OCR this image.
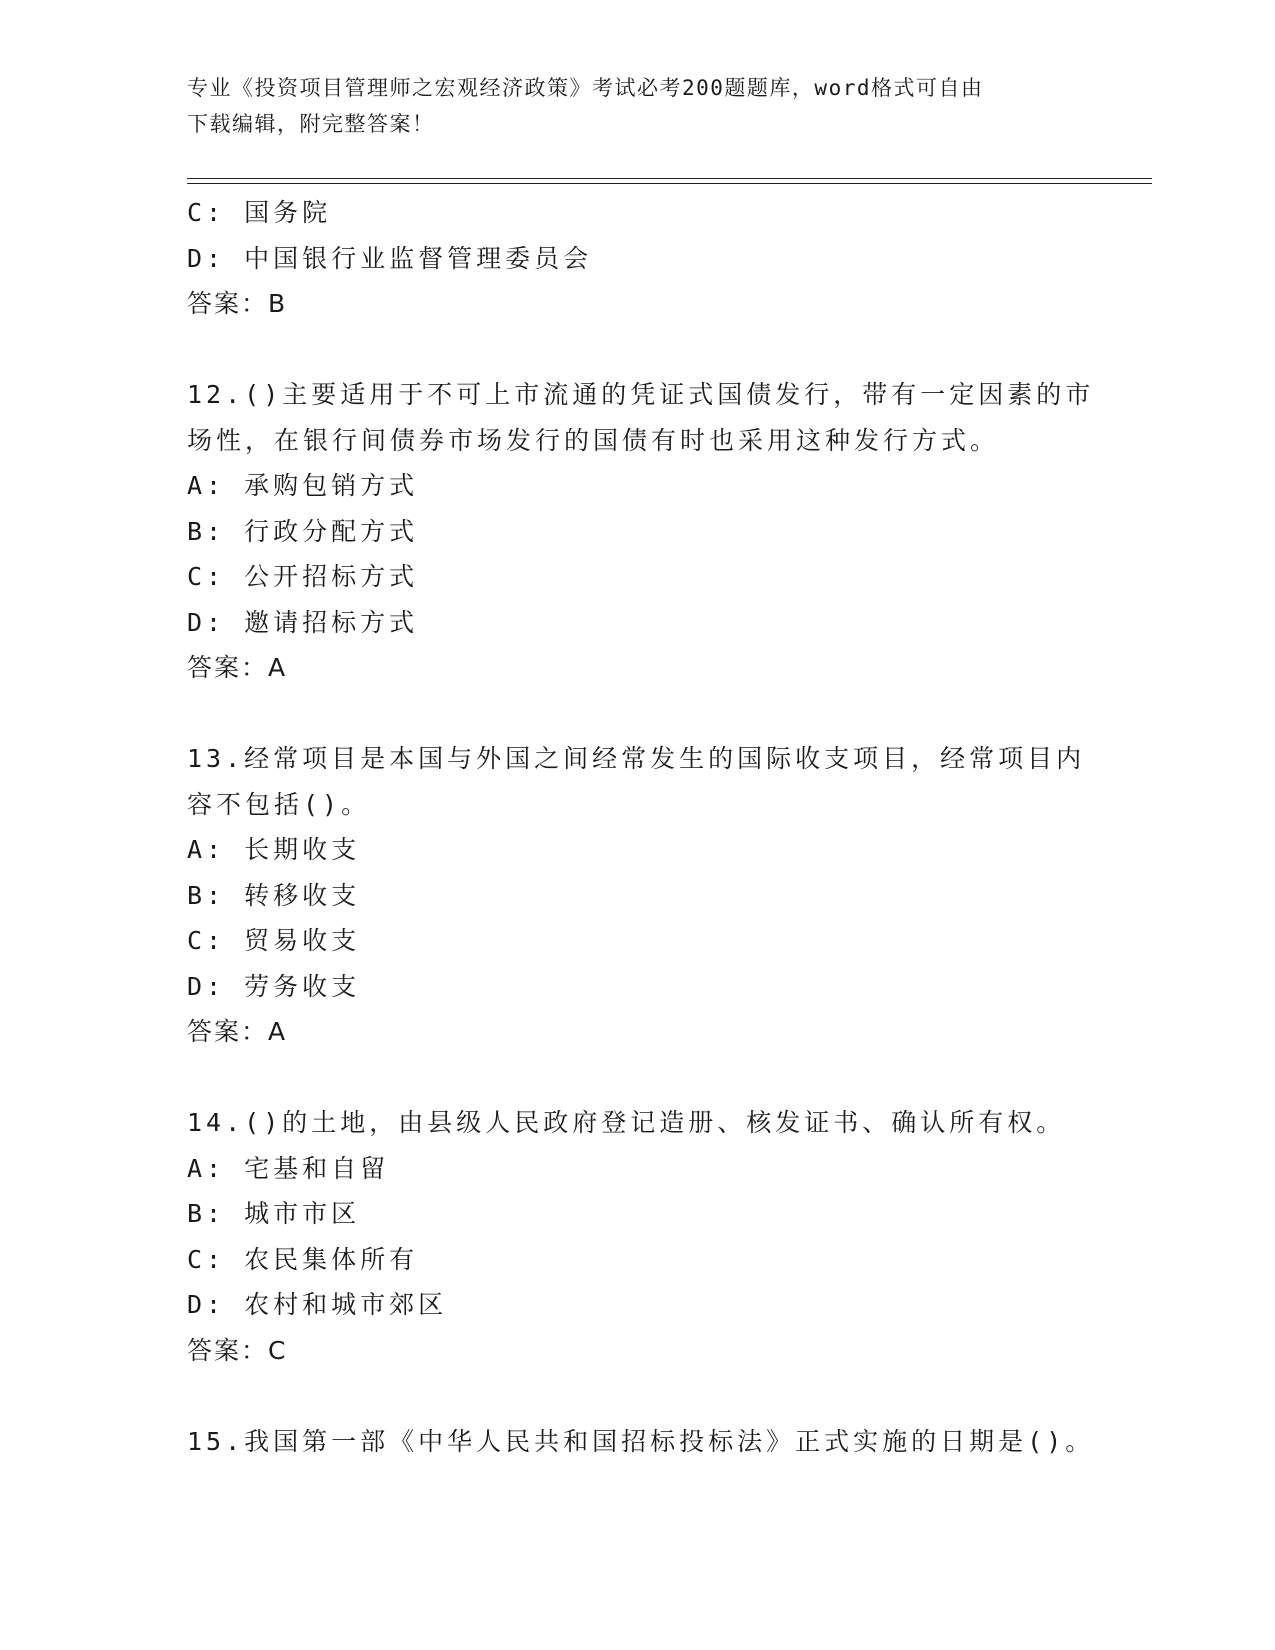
专业《投资项目管理师之宏观经济政策》考试必考200题题库，word格式可自由
下载编辑，附完整答案！
C: 国务院
D: 中国银行业监督管理委员会
答案：B
12.()主要适用于不可上市流通的凭证式国债发行，带有一定因素的市
场性，在银行间债券市场发行的国债有时也采用这种发行方式。
A: 承购包销方式
B: 行政分配方式
C: 公开招标方式
D: 邀请招标方式
答案：A
13.经常项目是本国与外国之间经常发生的国际收支项目，经常项目内
容不包括()。
A: 长期收支
B: 转移收支
C: 贸易收支
D: 劳务收支
答案：A
14.()的土地，由县级人民政府登记造册、核发证书、确认所有权。
A: 宅基和自留
B: 城市市区
C: 农民集体所有
D: 农村和城市郊区
答案：C
15.我国第一部《中华人民共和国招标投标法》正式实施的日期是()。
